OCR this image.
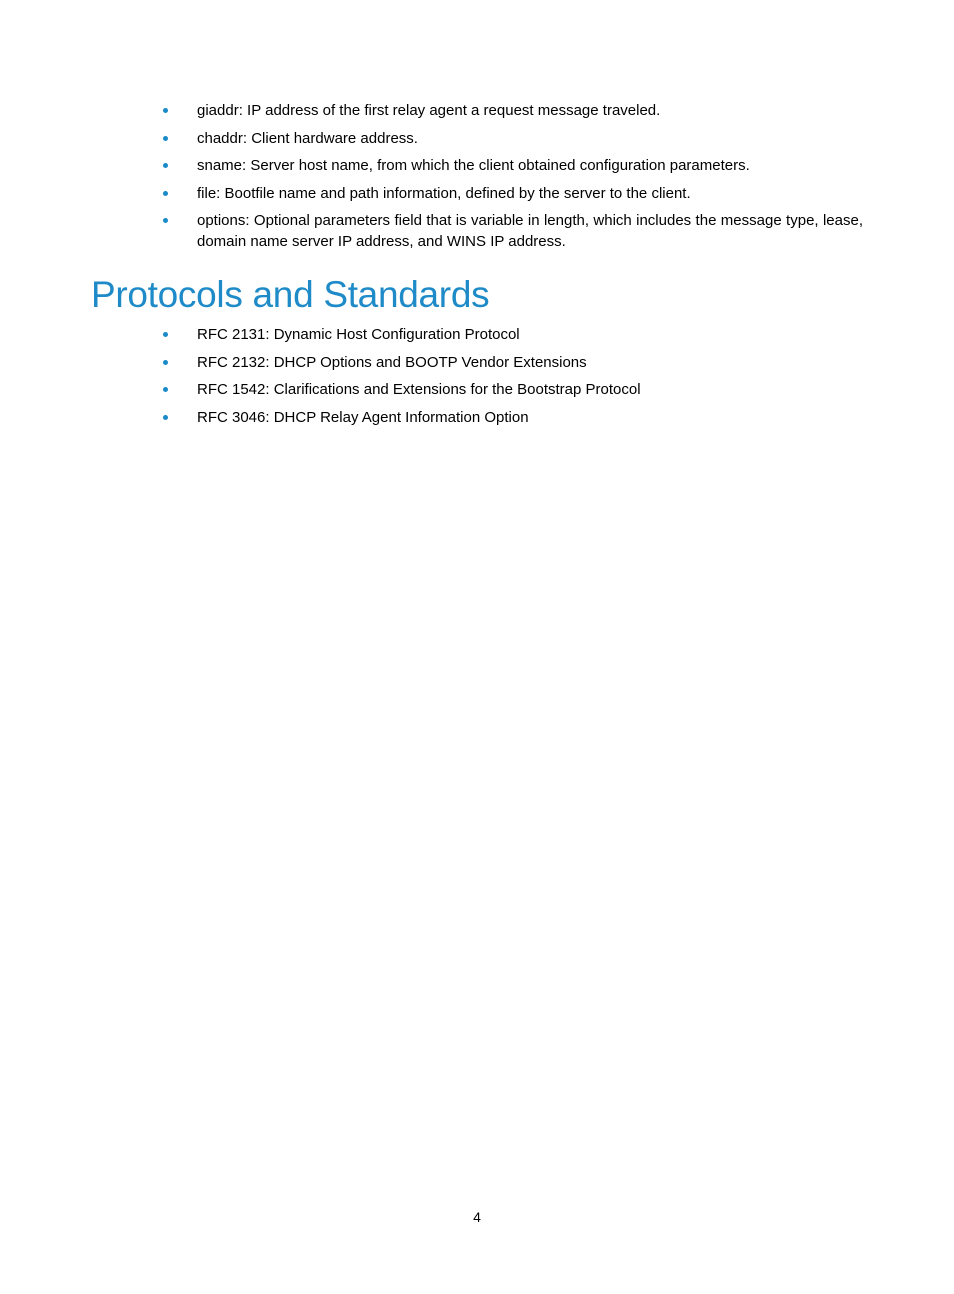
giaddr: IP address of the first relay agent a request message traveled.
chaddr: Client hardware address.
sname: Server host name, from which the client obtained configuration parameters.
file: Bootfile name and path information, defined by the server to the client.
options: Optional parameters field that is variable in length, which includes the message type, lease, domain name server IP address, and WINS IP address.
Protocols and Standards
RFC 2131: Dynamic Host Configuration Protocol
RFC 2132: DHCP Options and BOOTP Vendor Extensions
RFC 1542: Clarifications and Extensions for the Bootstrap Protocol
RFC 3046: DHCP Relay Agent Information Option
4
